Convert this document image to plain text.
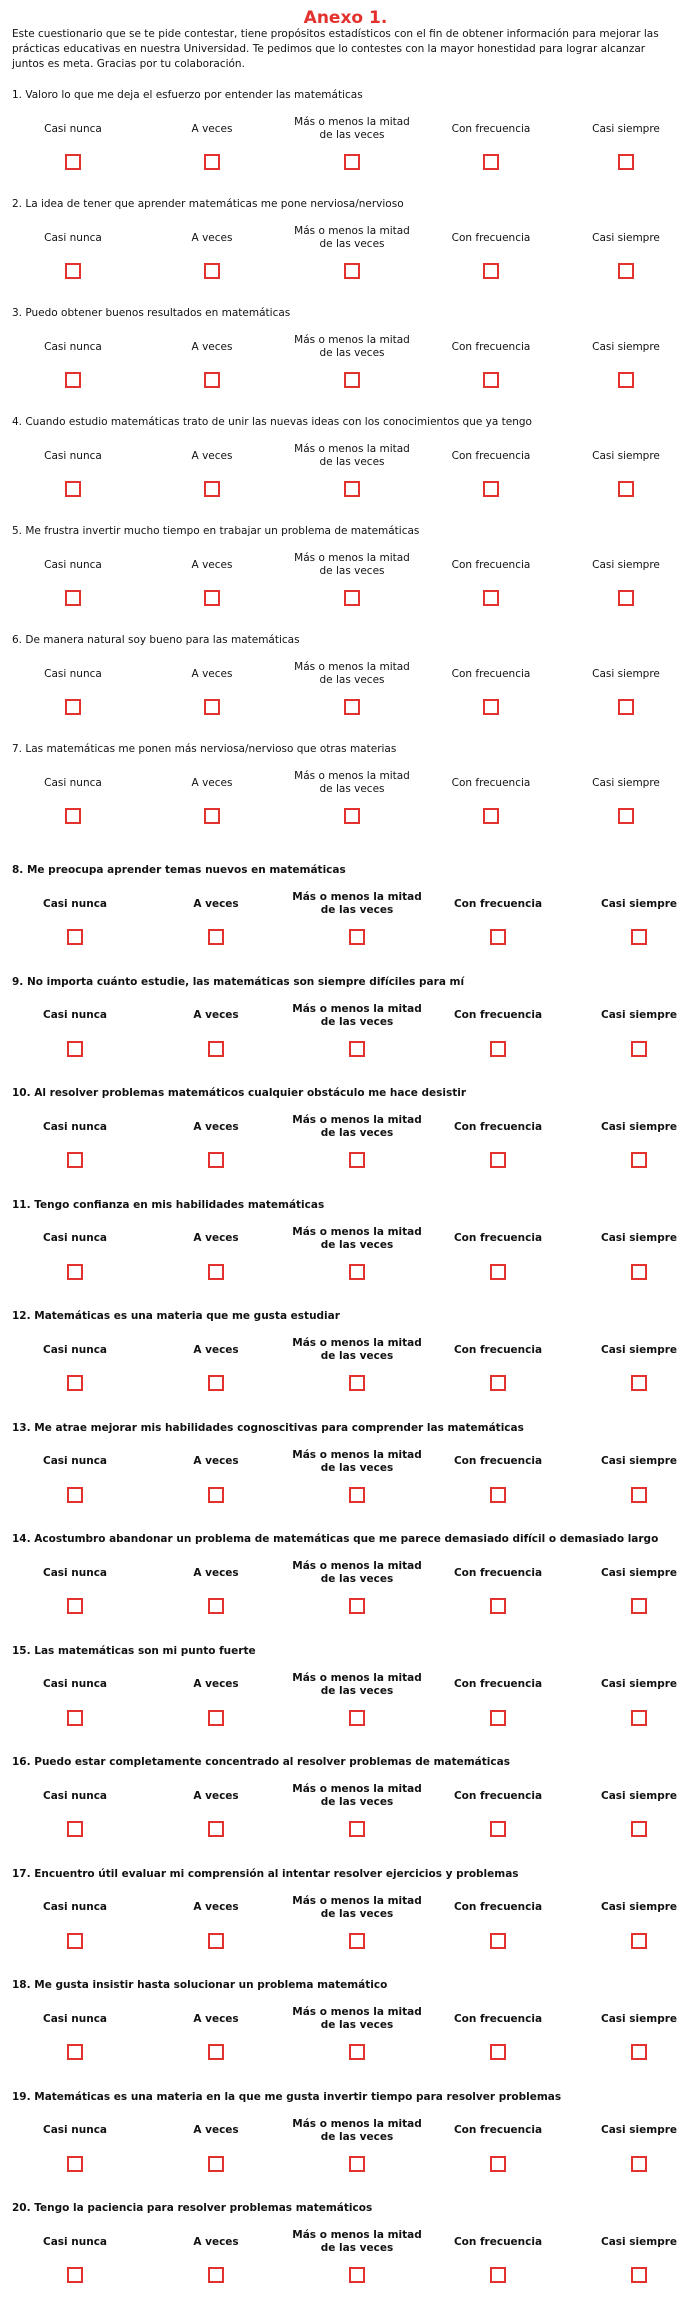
Anexo 1.

Este cuestionario que se te pide contestar, tiene propósitos estadísticos con el fin de obtener información para mejorar las prácticas educativas en nuestra Universidad. Te pedimos que lo contestes con la mayor honestidad para lograr alcanzar juntos es meta. Gracias por tu colaboración.

1. Valoro lo que me deja el esfuerzo por entender las matemáticas
Casi nunca	A veces
Más o menos la mitad de las veces
Con frecuencia	Casi siempre
2. La idea de tener que aprender matemáticas me pone nerviosa/nervioso
Casi nunca	A veces
Más o menos la mitad de las veces
Con frecuencia	Casi siempre
3. Puedo obtener buenos resultados en matemáticas
Casi nunca	A veces
Más o menos la mitad de las veces
Con frecuencia	Casi siempre
4. Cuando estudio matemáticas trato de unir las nuevas ideas con los conocimientos que ya tengo
Casi nunca	A veces
Más o menos la mitad de las veces
Con frecuencia	Casi siempre
5. Me frustra invertir mucho tiempo en trabajar un problema de matemáticas
Casi nunca	A veces
Más o menos la mitad de las veces
Con frecuencia	Casi siempre
6. De manera natural soy bueno para las matemáticas
Casi nunca	A veces
Más o menos la mitad de las veces
Con frecuencia	Casi siempre
7. Las matemáticas me ponen más nerviosa/nervioso que otras materias
Casi nunca	A veces
Más o menos la mitad de las veces
Con frecuencia	Casi siempre
8. Me preocupa aprender temas nuevos en matemáticas
Casi nunca	A veces
Más o menos la mitad de las veces
Con frecuencia	Casi siempre
9. No importa cuánto estudie, las matemáticas son siempre difíciles para mí
Casi nunca	A veces
Más o menos la mitad de las veces
Con frecuencia	Casi siempre
10. Al resolver problemas matemáticos cualquier obstáculo me hace desistir
Casi nunca	A veces
Más o menos la mitad de las veces
Con frecuencia	Casi siempre
11. Tengo confianza en mis habilidades matemáticas
Casi nunca	A veces
Más o menos la mitad de las veces
Con frecuencia	Casi siempre
12. Matemáticas es una materia que me gusta estudiar
Casi nunca	A veces
Más o menos la mitad de las veces
Con frecuencia	Casi siempre
13. Me atrae mejorar mis habilidades cognoscitivas para comprender las matemáticas
Casi nunca	A veces
Más o menos la mitad de las veces
Con frecuencia	Casi siempre
14. Acostumbro abandonar un problema de matemáticas que me parece demasiado difícil o demasiado largo
Casi nunca	A veces
Más o menos la mitad de las veces
Con frecuencia	Casi siempre
15. Las matemáticas son mi punto fuerte
Casi nunca	A veces
Más o menos la mitad de las veces
Con frecuencia	Casi siempre
16. Puedo estar completamente concentrado al resolver problemas de matemáticas
Casi nunca	A veces
Más o menos la mitad de las veces
Con frecuencia	Casi siempre
17. Encuentro útil evaluar mi comprensión al intentar resolver ejercicios y problemas
Casi nunca	A veces
Más o menos la mitad de las veces
Con frecuencia	Casi siempre
18. Me gusta insistir hasta solucionar un problema matemático
Casi nunca	A veces
Más o menos la mitad de las veces
Con frecuencia	Casi siempre
19. Matemáticas es una materia en la que me gusta invertir tiempo para resolver problemas
Casi nunca	A veces
Más o menos la mitad de las veces
Con frecuencia	Casi siempre
20. Tengo la paciencia para resolver problemas matemáticos
Casi nunca	A veces
Más o menos la mitad de las veces
Con frecuencia	Casi siempre
